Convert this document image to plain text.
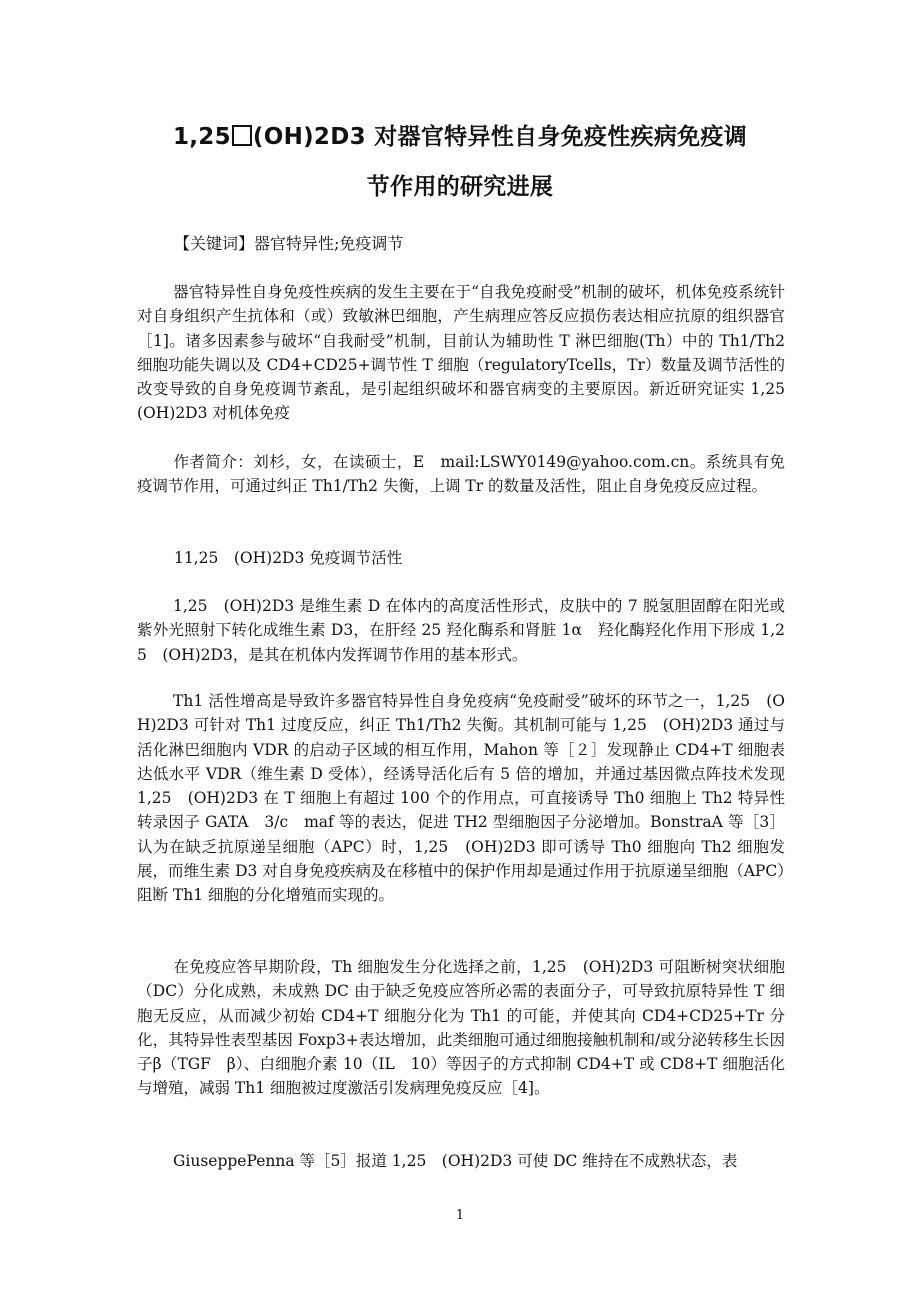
1,25 (OH)2D3 对器官特异性自身免疫性疾病免疫调
节作用的研究进展
【关键词】器官特异性;免疫调节
器官特异性自身免疫性疾病的发生主要在于“自我免疫耐受”机制的破坏，机体免疫系统针对自身组织产生抗体和（或）致敏淋巴细胞，产生病理应答反应损伤表达相应抗原的组织器官［1]。诸多因素参与破坏“自我耐受”机制，目前认为辅助性 T 淋巴细胞(Th）中的 Th1/Th2 细胞功能失调以及 CD4+CD25+调节性 T 细胞（regulatoryTcells，Tr）数量及调节活性的改变导致的自身免疫调节紊乱，是引起组织破坏和器官病变的主要原因。新近研究证实 1,25　(OH)2D3 对机体免疫
作者简介：刘杉，女，在读硕士，E　mail:LSWY0149@yahoo.com.cn。系统具有免疫调节作用，可通过纠正 Th1/Th2 失衡，上调 Tr 的数量及活性，阻止自身免疫反应过程。
11,25　(OH)2D3 免疫调节活性
1,25　(OH)2D3 是维生素 D 在体内的高度活性形式，皮肤中的 7 脱氢胆固醇在阳光或紫外光照射下转化成维生素 D3，在肝经 25 羟化酶系和肾脏 1α　羟化酶羟化作用下形成 1,25　(OH)2D3，是其在机体内发挥调节作用的基本形式。
Th1 活性增高是导致许多器官特异性自身免疫病“免疫耐受”破坏的环节之一，1,25　(OH)2D3 可针对 Th1 过度反应，纠正 Th1/Th2 失衡。其机制可能与 1,25　(OH)2D3 通过与活化淋巴细胞内 VDR 的启动子区域的相互作用，Mahon 等［２］发现静止 CD4+T 细胞表达低水平 VDR（维生素 D 受体），经诱导活化后有 5 倍的增加，并通过基因微点阵技术发现 1,25　(OH)2D3 在 T 细胞上有超过 100 个的作用点，可直接诱导 Th0 细胞上 Th2 特异性转录因子 GATA　3/c　maf 等的表达，促进 TH2 型细胞因子分泌增加。BonstraA 等［3］认为在缺乏抗原递呈细胞（APC）时，1,25　(OH)2D3 即可诱导 Th0 细胞向 Th2 细胞发展，而维生素 D3 对自身免疫疾病及在移植中的保护作用却是通过作用于抗原递呈细胞（APC）阻断 Th1 细胞的分化增殖而实现的。
在免疫应答早期阶段，Th 细胞发生分化选择之前，1,25　(OH)2D3 可阻断树突状细胞（DC）分化成熟，未成熟 DC 由于缺乏免疫应答所必需的表面分子，可导致抗原特异性 T 细胞无反应，从而减少初始 CD4+T 细胞分化为 Th1 的可能，并使其向 CD4+CD25+Tr 分化，其特异性表型基因 Foxp3+表达增加，此类细胞可通过细胞接触机制和/或分泌转移生长因子β（TGF　β）、白细胞介素 10（IL　10）等因子的方式抑制 CD4+T 或 CD8+T 细胞活化与增殖，减弱 Th1 细胞被过度激活引发病理免疫反应［4]。
GiuseppePenna 等［5］报道 1,25　(OH)2D3 可使 DC 维持在不成熟状态，表
1
